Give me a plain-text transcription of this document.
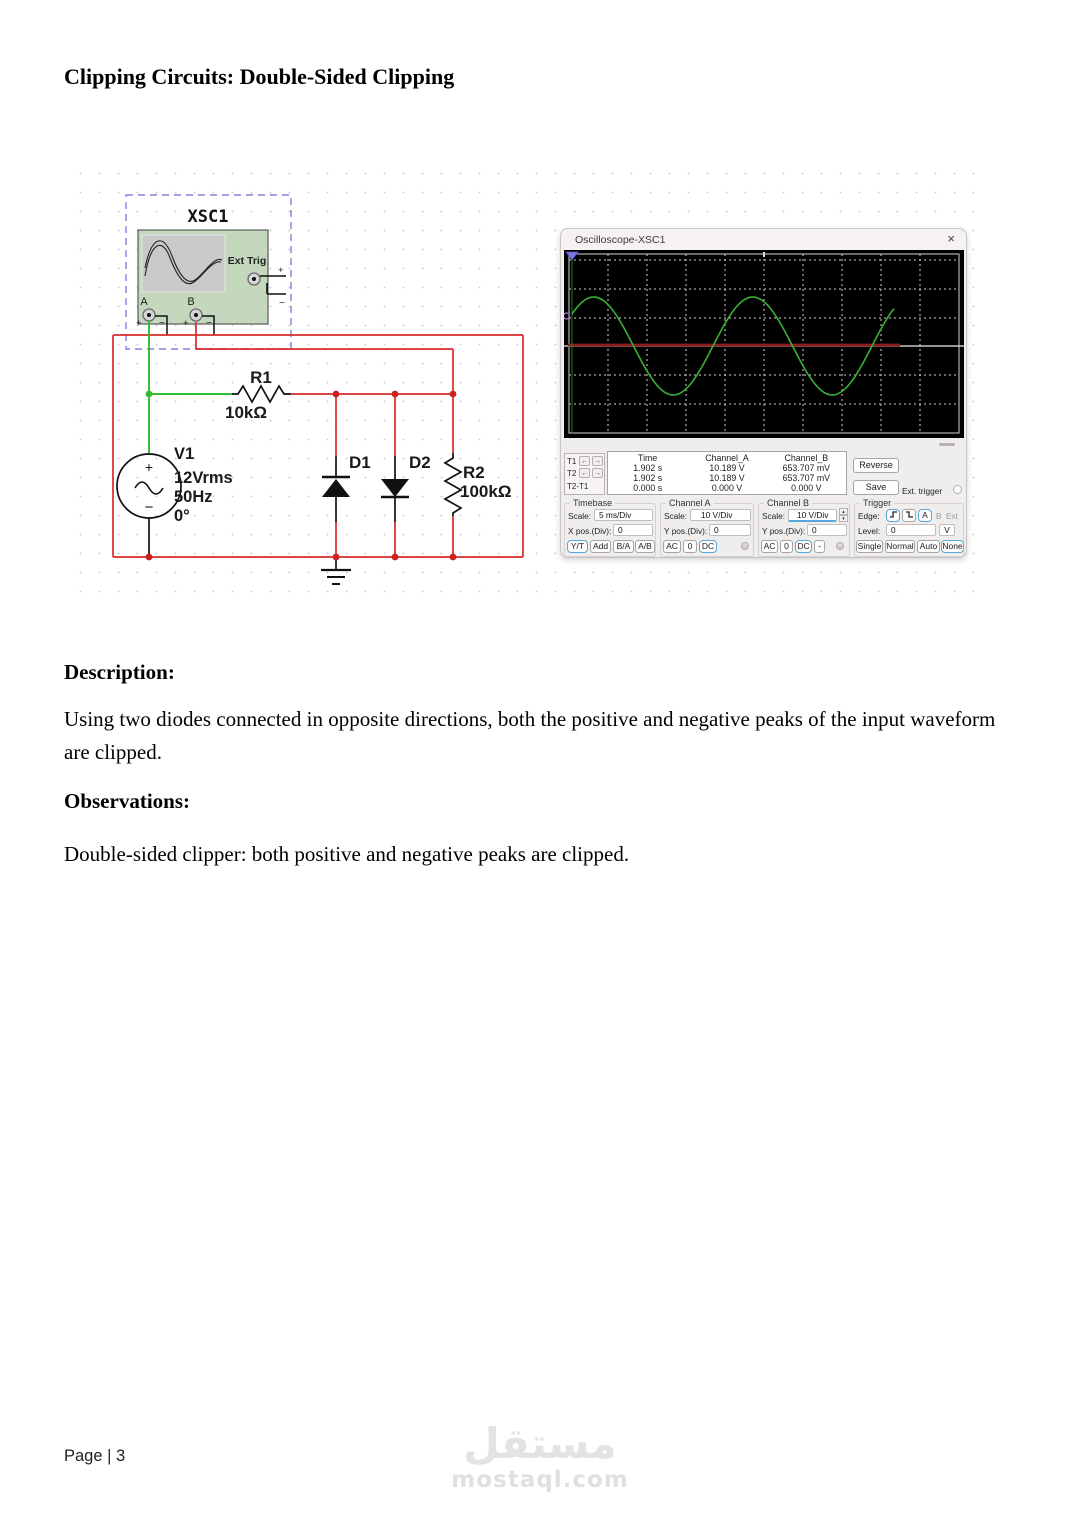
Clipping Circuits: Double-Sided Clipping
XSC1
Ext Trig
+
−
A
+ −
B
+ −
+
−
V1
12Vrms
50Hz
0°
R1
10kΩ
D1 D2
R2
100kΩ
Oscilloscope-XSC1	×
T1 ← →
T2 ← →
T2-T1
Time	Channel_A	Channel_B
1.902 s	10.189 V	653.707 mV
1.902 s	10.189 V	653.707 mV
0.000 s	0.000 V	0.000 V
Reverse
Save	Ext. trigger
Timebase
Scale: 5 ms/Div
X pos.(Div): 0
Y/T	Add	B/A A/B
Channel A
Scale:	10 V/Div
Y pos.(Div): 0
AC	0	DC
Channel B
Scale:	10 V/Div	▲
▼
Y pos.(Div): 0
AC	0	DC -
Trigger
Edge:	A B Ext
Level:	0	V
Single Normal Auto None
Description:
Using two diodes connected in opposite directions, both the positive and negative peaks of the input waveform are clipped.
Observations:
Double-sided clipper: both positive and negative peaks are clipped.
Page | 3	مستقل
mostaql.com
